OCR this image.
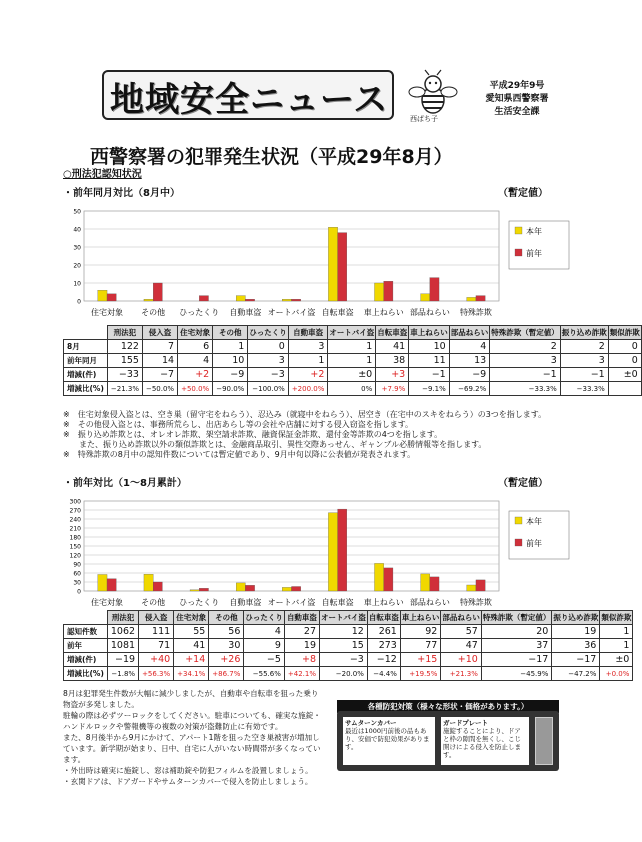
地域安全ニュース	西ぱち子
平成29年9号
愛知県西警察署
生活安全課
西警察署の犯罪発生状況（平成29年8月）
○刑法犯認知状況
・前年同月対比（8月中）	（暫定値）
0
10
20
30
40
50
住宅対象 その他 ひったくり 自動車盗 オートバイ盗 自転車盗 車上ねらい 部品ねらい 特殊詐欺
本年
前年
	刑法犯	侵入盗	住宅対象	その他	ひったくり	自動車盗	オートバイ盗	自転車盗	車上ねらい	部品ねらい	特殊詐欺（暫定値）	振り込め詐欺	類似詐欺
8月	122	7	6	1	0	3	1	41	10	4	2	2	0
前年同月	155	14	4	10	3	1	1	38	11	13	3	3	0
増減(件)	−33	−7	+2	−9	−3	+2	±0	+3	−1	−9	−1	−1	±0
増減比(%)	−21.3%	−50.0%	+50.0%	−90.0%	−100.0%	+200.0%	0%	+7.9%	−9.1%	−69.2%	−33.3%	−33.3%	
※　住宅対象侵入盗とは、空き巣（留守宅をねらう）、忍込み（就寝中をねらう）、居空き（在宅中のスキをねらう）の3つを指します。
※　その他侵入盗とは、事務所荒らし、出店あらし等の会社や店舗に対する侵入窃盗を指します。
※　振り込め詐欺とは、オレオレ詐欺、架空請求詐欺、融資保証金詐欺、還付金等詐欺の4つを指します。
　　また、振り込め詐欺以外の類似詐欺とは、金融商品取引、異性交際あっせん、ギャンブル必勝情報等を指します。
※　特殊詐欺の8月中の認知件数については暫定値であり、9月中旬以降に公表値が発表されます。
・前年対比（1～8月累計）	（暫定値）
0
30
60
90
120
150
180
210
240
270
300
住宅対象 その他 ひったくり 自動車盗 オートバイ盗 自転車盗 車上ねらい 部品ねらい 特殊詐欺
本年
前年
	刑法犯	侵入盗	住宅対象	その他	ひったくり	自動車盗	オートバイ盗	自転車盗	車上ねらい	部品ねらい	特殊詐欺（暫定値）	振り込め詐欺	類似詐欺
認知件数	1062	111	55	56	4	27	12	261	92	57	20	19	1
前年	1081	71	41	30	9	19	15	273	77	47	37	36	1
増減(件)	−19	+40	+14	+26	−5	+8	−3	−12	+15	+10	−17	−17	±0
増減比(%)	−1.8%	+56.3%	+34.1%	+86.7%	−55.6%	+42.1%	−20.0%	−4.4%	+19.5%	+21.3%	−45.9%	−47.2%	+0.0%
8月は犯罪発生件数が大幅に減少しましたが、自動車や自転車を狙った乗り物盗が多発しました。
駐輪の際は必ずツーロックをしてください。駐車についても、確実な施錠・ハンドルロックや警報機等の複数の対策が盗難防止に有効です。
また、8月後半から9月にかけて、アパート1階を狙った空き巣被害が増加しています。新学期が始まり、日中、自宅に人がいない時間帯が多くなっています。
・外出時は確実に施錠し、窓は補助錠や防犯フィルムを設置しましょう。
・玄関ドアは、ドアガードやサムターンカバーで侵入を防止しましょう。
各種防犯対策（様々な形状・価格があります。）
サムターンカバー
最近は1000円前後の品もあり、安価で防犯効果があります。
ガードプレート
施錠することにより、ドアと枠の隙間を無くし、こじ開けによる侵入を防止します。
